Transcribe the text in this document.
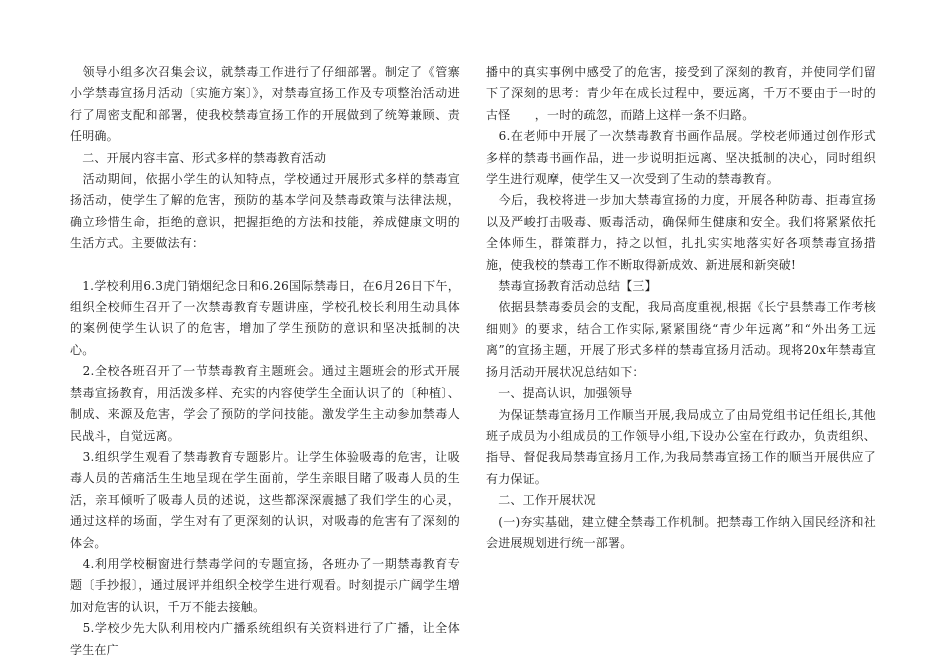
　领导小组多次召集会议，就禁毒工作进行了仔细部署。制定了《管寨小学禁毒宣扬月活动〔实施方案〕》，对禁毒宣扬工作及专项整治活动进行了周密支配和部署，使我校禁毒宣扬工作的开展做到了统筹兼顾、责任明确。

　二、开展内容丰富、形式多样的禁毒教育活动

　活动期间，依据小学生的认知特点，学校通过开展形式多样的禁毒宣扬活动，使学生了解的危害，预防的基本学问及禁毒政策与法律法规，确立珍惜生命，拒绝的意识，把握拒绝的方法和技能，养成健康文明的生活方式。主要做法有：

　1.学校利用6.3虎门销烟纪念日和6.26国际禁毒日，在6月26日下午，组织全校师生召开了一次禁毒教育专题讲座，学校孔校长利用生动具体的案例使学生认识了的危害，增加了学生预防的意识和坚决抵制的决心。

　2.全校各班召开了一节禁毒教育主题班会。通过主题班会的形式开展禁毒宣扬教育，用活泼多样、充实的内容使学生全面认识了的〔种植〕、制成、来源及危害，学会了预防的学问技能。激发学生主动参加禁毒人民战斗，自觉远离。

　3.组织学生观看了禁毒教育专题影片。让学生体验吸毒的危害，让吸毒人员的苦痛活生生地呈现在学生面前，学生亲眼目睹了吸毒人员的生活，亲耳倾听了吸毒人员的述说，这些都深深震撼了我们学生的心灵，通过这样的场面，学生对有了更深刻的认识，对吸毒的危害有了深刻的体会。

　4.利用学校橱窗进行禁毒学问的专题宣扬，各班办了一期禁毒教育专题〔手抄报〕，通过展评并组织全校学生进行观看。时刻提示广阔学生增加对危害的认识，千万不能去接触。

　5.学校少先大队利用校内广播系统组织有关资料进行了广播，让全体学生在广

播中的真实事例中感受了的危害，接受到了深刻的教育，并使同学们留下了深刻的思考：青少年在成长过程中，要远离，千万不要由于一时的古怪　　，一时的疏忽，而踏上这样一条不归路。

　6.在老师中开展了一次禁毒教育书画作品展。学校老师通过创作形式多样的禁毒书画作品，进一步说明拒远离、坚决抵制的决心，同时组织学生进行观摩，使学生又一次受到了生动的禁毒教育。

　今后，我校将进一步加大禁毒宣扬的力度，开展各种防毒、拒毒宣扬以及严峻打击吸毒、贩毒活动，确保师生健康和安全。我们将紧紧依托全体师生，群策群力，持之以恒，扎扎实实地落实好各项禁毒宣扬措施，使我校的禁毒工作不断取得新成效、新进展和新突破!

　禁毒宣扬教育活动总结【三】

　依据县禁毒委员会的支配，我局高度重视,根据《长宁县禁毒工作考核细则》的要求，结合工作实际,紧紧围绕“青少年远离”和“外出务工远离”的宣扬主题，开展了形式多样的禁毒宣扬月活动。现将20x年禁毒宣扬月活动开展状况总结如下：

　一、提高认识，加强领导

　为保证禁毒宣扬月工作顺当开展,我局成立了由局党组书记任组长,其他班子成员为小组成员的工作领导小组,下设办公室在行政办，负责组织、指导、督促我局禁毒宣扬月工作,为我局禁毒宣扬工作的顺当开展供应了有力保证。

　二、工作开展状况

　(一)夯实基础，建立健全禁毒工作机制。把禁毒工作纳入国民经济和社会进展规划进行统一部署。
